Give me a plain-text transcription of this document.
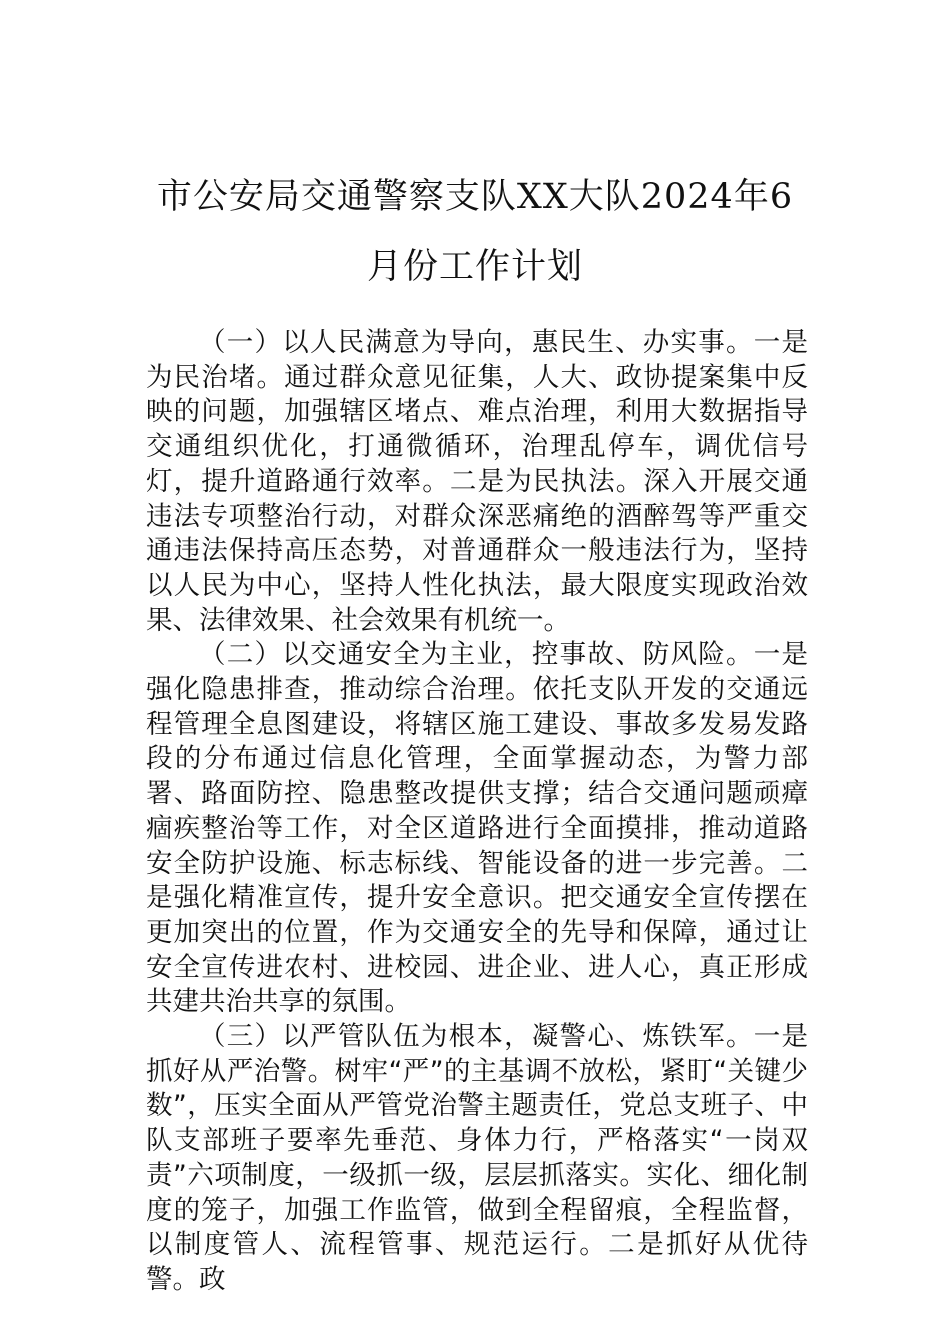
市公安局交通警察支队XX大队2024年6
月份工作计划

（一）以人民满意为导向，惠民生、办实事。一是为民治堵。通过群众意见征集，人大、政协提案集中反映的问题，加强辖区堵点、难点治理，利用大数据指导交通组织优化，打通微循环，治理乱停车，调优信号灯，提升道路通行效率。二是为民执法。深入开展交通违法专项整治行动，对群众深恶痛绝的酒醉驾等严重交通违法保持高压态势，对普通群众一般违法行为，坚持以人民为中心，坚持人性化执法，最大限度实现政治效果、法律效果、社会效果有机统一。

（二）以交通安全为主业，控事故、防风险。一是强化隐患排查，推动综合治理。依托支队开发的交通远程管理全息图建设，将辖区施工建设、事故多发易发路段的分布通过信息化管理，全面掌握动态，为警力部署、路面防控、隐患整改提供支撑；结合交通问题顽瘴痼疾整治等工作，对全区道路进行全面摸排，推动道路安全防护设施、标志标线、智能设备的进一步完善。二是强化精准宣传，提升安全意识。把交通安全宣传摆在更加突出的位置，作为交通安全的先导和保障，通过让安全宣传进农村、进校园、进企业、进人心，真正形成共建共治共享的氛围。

（三）以严管队伍为根本，凝警心、炼铁军。一是抓好从严治警。树牢“严”的主基调不放松，紧盯“关键少数”，压实全面从严管党治警主题责任，党总支班子、中队支部班子要率先垂范、身体力行，严格落实“一岗双责”六项制度，一级抓一级，层层抓落实。实化、细化制度的笼子，加强工作监管，做到全程留痕，全程监督，以制度管人、流程管事、规范运行。二是抓好从优待警。政
